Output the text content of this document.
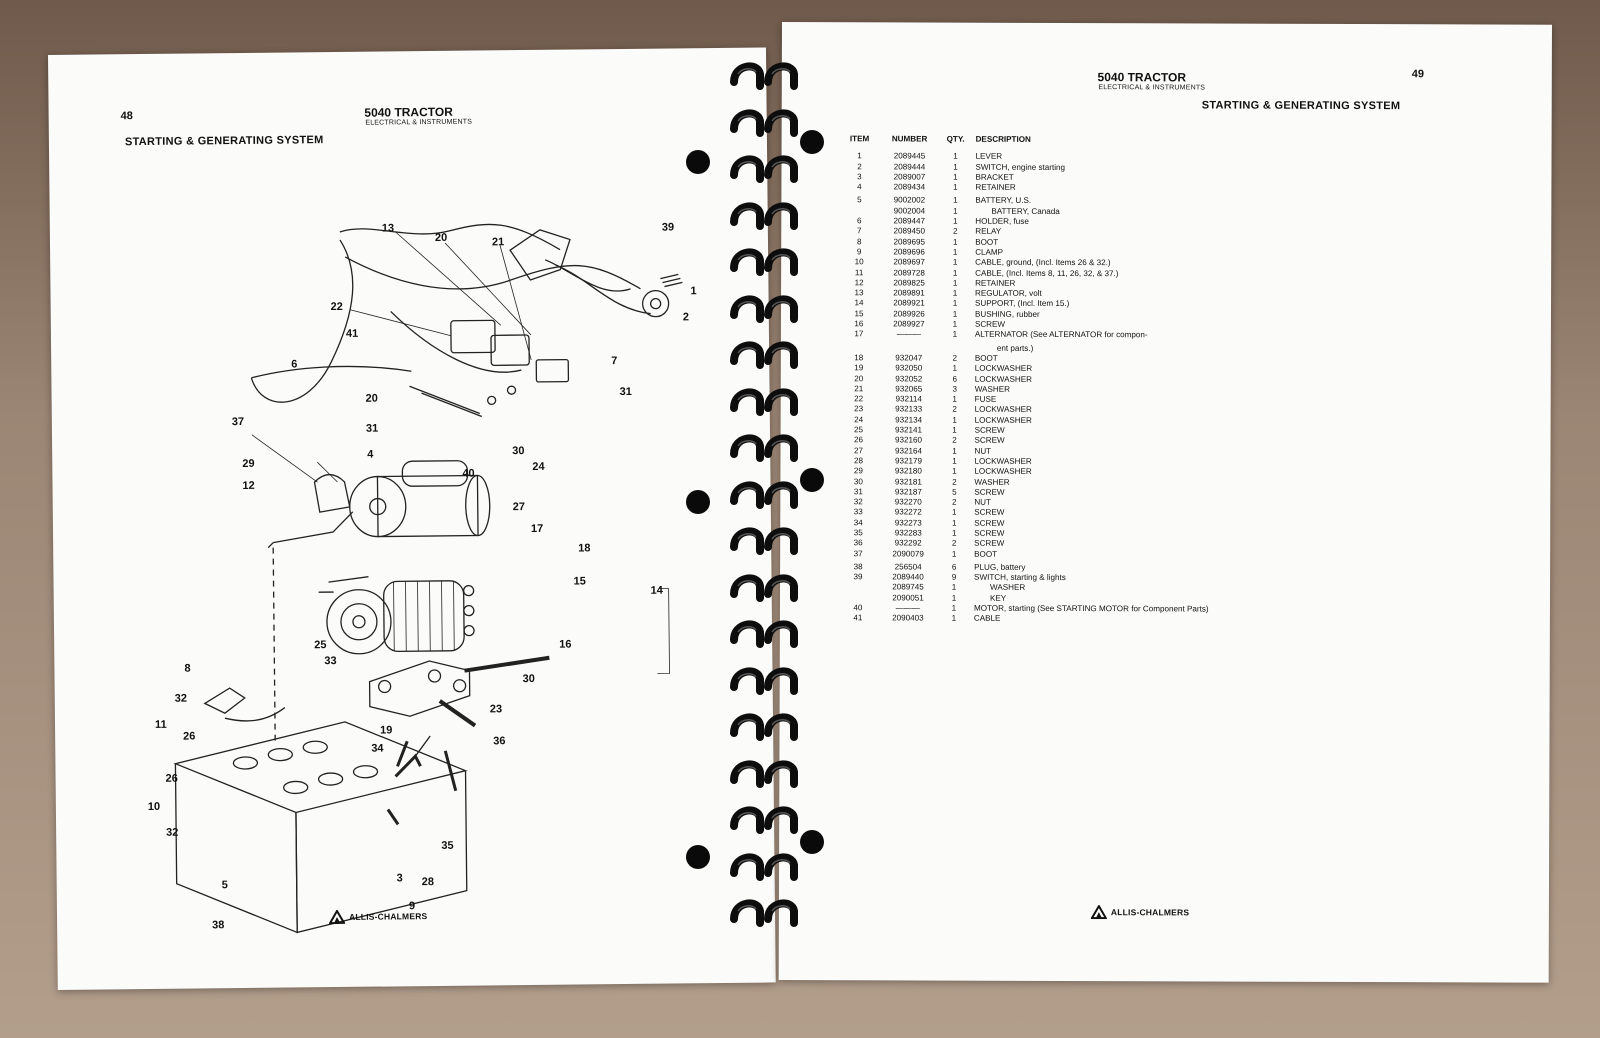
48	5040 TRACTOR
ELECTRICAL & INSTRUMENTS
STARTING & GENERATING SYSTEM
13
20	21
39
1
2
22
41
6	7
31
20
31
37
29
12
4
40
30
24
27
17
18
15
14
25
33
16
8
32
11
30
23
36
19
34
26
26
10
32
35
5
3 28
9
38
ALLIS-CHALMERS
49
5040 TRACTOR
ELECTRICAL & INSTRUMENTS
STARTING & GENERATING SYSTEM
ITEM	NUMBER	QTY.	DESCRIPTION
1	2089445	1	LEVER
2	2089444	1	SWITCH, engine starting
3	2089007	1	BRACKET
4	2089434	1	RETAINER
5	9002002	1	BATTERY, U.S.
9002004	1	BATTERY, Canada
6	2089447	1	HOLDER, fuse
7	2089450	2	RELAY
8	2089695	1	BOOT
9	2089696	1	CLAMP
10	2089697	1	CABLE, ground, (Incl. Items 26 & 32.)
11	2089728	1	CABLE, (Incl. Items 8, 11, 26, 32, & 37.)
12	2089825	1	RETAINER
13	2089891	1	REGULATOR, volt
14	2089921	1	SUPPORT, (Incl. Item 15.)
15	2089926	1	BUSHING, rubber
16	2089927	1	SCREW
17	———	1	ALTERNATOR (See ALTERNATOR for compon-
ent parts.)
18	932047	2	BOOT
19	932050	1	LOCKWASHER
20	932052	6	LOCKWASHER
21	932065	3	WASHER
22	932114	1	FUSE
23	932133	2	LOCKWASHER
24	932134	1	LOCKWASHER
25	932141	1	SCREW
26	932160	2	SCREW
27	932164	1	NUT
28	932179	1	LOCKWASHER
29	932180	1	LOCKWASHER
30	932181	2	WASHER
31	932187	5	SCREW
32	932270	2	NUT
33	932272	1	SCREW
34	932273	1	SCREW
35	932283	1	SCREW
36	932292	2	SCREW
37	2090079	1	BOOT
38	256504	6	PLUG, battery
39	2089440	9	SWITCH, starting & lights
2089745	1	WASHER
2090051	1	KEY
40	———	1	MOTOR, starting (See STARTING MOTOR for Component Parts)
41	2090403	1	CABLE
ALLIS-CHALMERS
